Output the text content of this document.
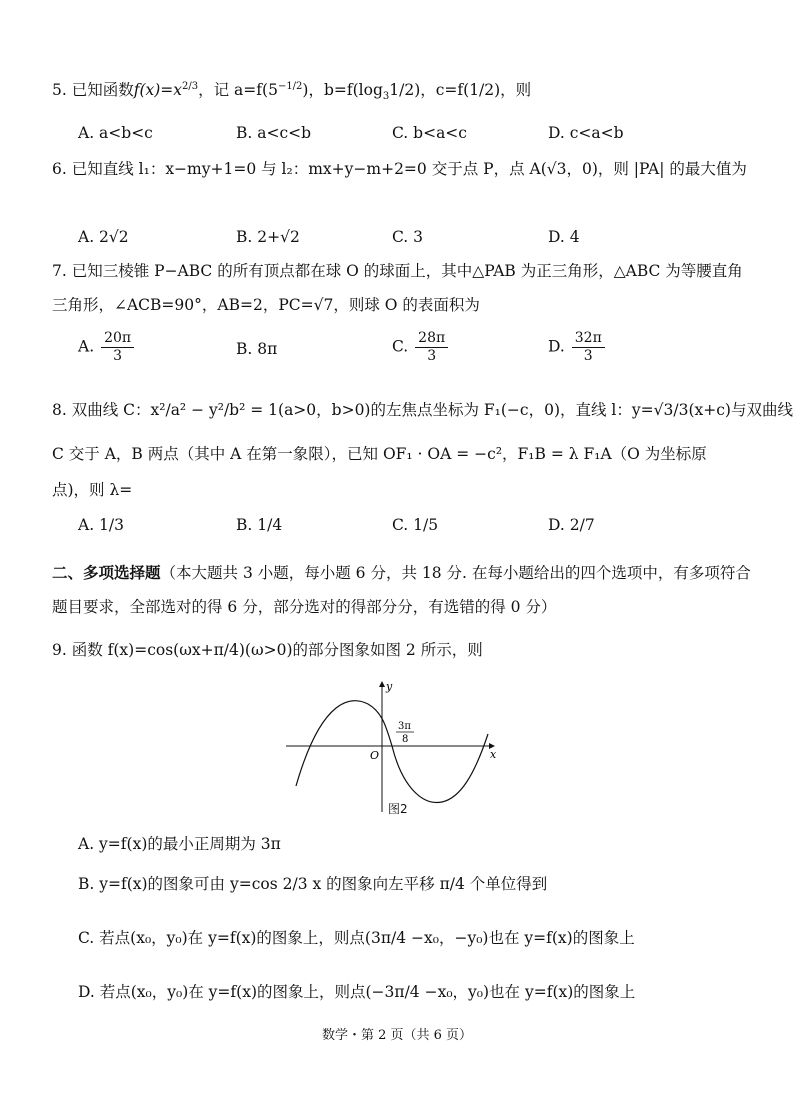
5. 已知函数$f(x)=x^{2/3}$，记 $a=f(5^{-1/2})$，$b=f(\log_31/2)$，c=f(1/2)，则
A. a<b<c	B. a<c<b	C. b<a<c	D. c<a<b
6. 已知直线 l₁：x−my+1=0 与 l₂：mx+y−m+2=0 交于点 P，点 A(√3，0)，则 |PA| 的最大值为
A. 2√2	B. 2+√2	C. 3	D. 4
7. 已知三棱锥 P−ABC 的所有顶点都在球 O 的球面上，其中△PAB 为正三角形，△ABC 为等腰直角三角形，∠ACB=90°，AB=2，PC=√7，则球 O 的表面积为
A. $\frac{20\pi}{3}$	B. 8π	C. $\frac{28\pi}{3}$	D. $\frac{32\pi}{3}$
8. 双曲线 C：x²/a² − y²/b² = 1(a>0，b>0)的左焦点坐标为 F₁(−c，0)，直线 l：y=√3/3(x+c)与双曲线
C 交于 A，B 两点（其中 A 在第一象限），已知 OF₁ · OA = −c²，F₁B = λ F₁A（O 为坐标原
点)，则 λ=
A. 1/3	B. 1/4	C. 1/5	D. 2/7
二、多项选择题（本大题共 3 小题，每小题 6 分，共 18 分. 在每小题给出的四个选项中，有多项符合题目要求，全部选对的得 6 分，部分选对的得部分分，有选错的得 0 分）
9. 函数 f(x)=cos(ωx+π/4)(ω>0)的部分图象如图 2 所示，则
y
x
O
3π
8
图2
A. y=f(x)的最小正周期为 3π
B. y=f(x)的图象可由 y=cos 2/3 x 的图象向左平移 π/4 个单位得到
C. 若点(x₀，y₀)在 y=f(x)的图象上，则点(3π/4 −x₀，−y₀)也在 y=f(x)的图象上
D. 若点(x₀，y₀)在 y=f(x)的图象上，则点(−3π/4 −x₀，y₀)也在 y=f(x)的图象上
数学・第 2 页（共 6 页）
